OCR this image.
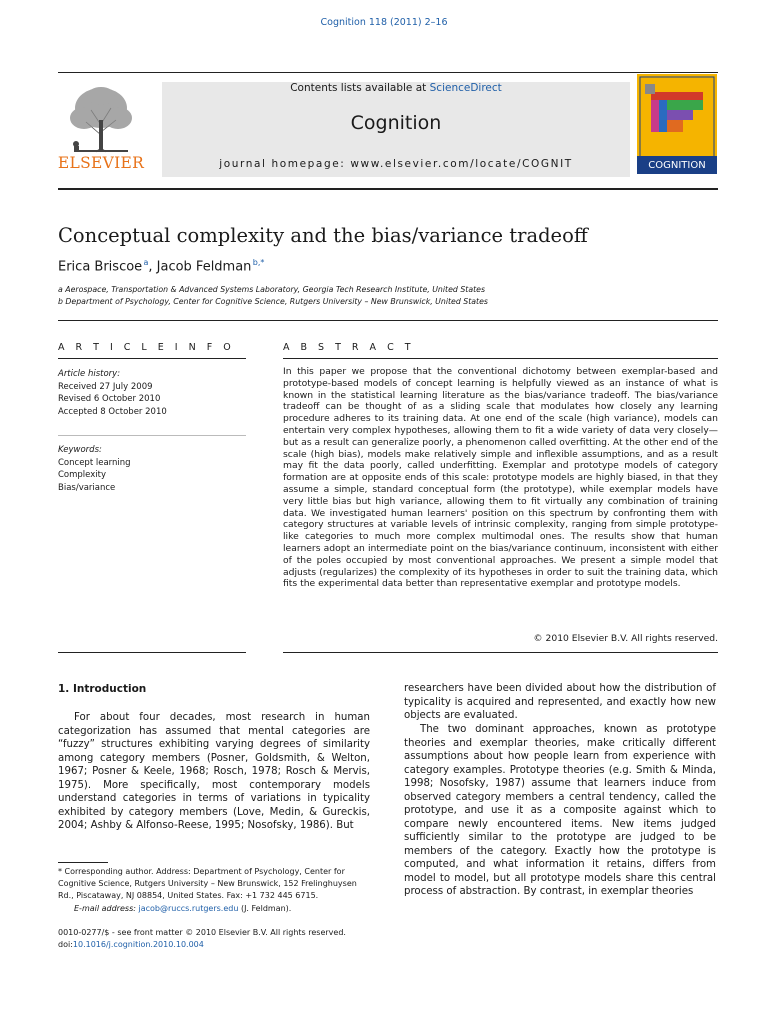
Cognition 118 (2011) 2–16
ELSEVIER
Contents lists available at ScienceDirect
Cognition
journal homepage: www.elsevier.com/locate/COGNIT	COGNITION
Conceptual complexity and the bias/variance tradeoff
Erica Briscoe $^a$, Jacob Feldman $^{b,*}$
a Aerospace, Transportation & Advanced Systems Laboratory, Georgia Tech Research Institute, United States
b Department of Psychology, Center for Cognitive Science, Rutgers University – New Brunswick, United States
A R T I C L E I N F O	A B S T R A C T
Article history:
Received 27 July 2009
Revised 6 October 2010
Accepted 8 October 2010
Keywords:
Concept learning
Complexity
Bias/variance
In this paper we propose that the conventional dichotomy between exemplar-based and prototype-based models of concept learning is helpfully viewed as an instance of what is known in the statistical learning literature as the bias/variance tradeoff. The bias/variance tradeoff can be thought of as a sliding scale that modulates how closely any learning procedure adheres to its training data. At one end of the scale (high variance), models can entertain very complex hypotheses, allowing them to fit a wide variety of data very closely—but as a result can generalize poorly, a phenomenon called overfitting. At the other end of the scale (high bias), models make relatively simple and inflexible assumptions, and as a result may fit the data poorly, called underfitting. Exemplar and prototype models of category formation are at opposite ends of this scale: prototype models are highly biased, in that they assume a simple, standard conceptual form (the prototype), while exemplar models have very little bias but high variance, allowing them to fit virtually any combination of training data. We investigated human learners' position on this spectrum by confronting them with category structures at variable levels of intrinsic complexity, ranging from simple prototype-like categories to much more complex multimodal ones. The results show that human learners adopt an intermediate point on the bias/variance continuum, inconsistent with either of the poles occupied by most conventional approaches. We present a simple model that adjusts (regularizes) the complexity of its hypotheses in order to suit the training data, which fits the experimental data better than representative exemplar and prototype models.
© 2010 Elsevier B.V. All rights reserved.
1. Introduction
For about four decades, most research in human categorization has assumed that mental categories are “fuzzy” structures exhibiting varying degrees of similarity among category members (Posner, Goldsmith, & Welton, 1967; Posner & Keele, 1968; Rosch, 1978; Rosch & Mervis, 1975). More specifically, most contemporary models understand categories in terms of variations in typicality exhibited by category members (Love, Medin, & Gureckis, 2004; Ashby & Alfonso-Reese, 1995; Nosofsky, 1986). But
researchers have been divided about how the distribution of typicality is acquired and represented, and exactly how new objects are evaluated.
The two dominant approaches, known as prototype theories and exemplar theories, make critically different assumptions about how people learn from experience with category examples. Prototype theories (e.g. Smith & Minda, 1998; Nosofsky, 1987) assume that learners induce from observed category members a central tendency, called the prototype, and use it as a composite against which to compare newly encountered items. New items judged sufficiently similar to the prototype are judged to be members of the category. Exactly how the prototype is computed, and what information it retains, differs from model to model, but all prototype models share this central process of abstraction. By contrast, in exemplar theories
* Corresponding author. Address: Department of Psychology, Center for Cognitive Science, Rutgers University – New Brunswick, 152 Frelinghuysen Rd., Piscataway, NJ 08854, United States. Fax: +1 732 445 6715.
E-mail address: jacob@ruccs.rutgers.edu (J. Feldman).
0010-0277/$ - see front matter © 2010 Elsevier B.V. All rights reserved.
doi:10.1016/j.cognition.2010.10.004
